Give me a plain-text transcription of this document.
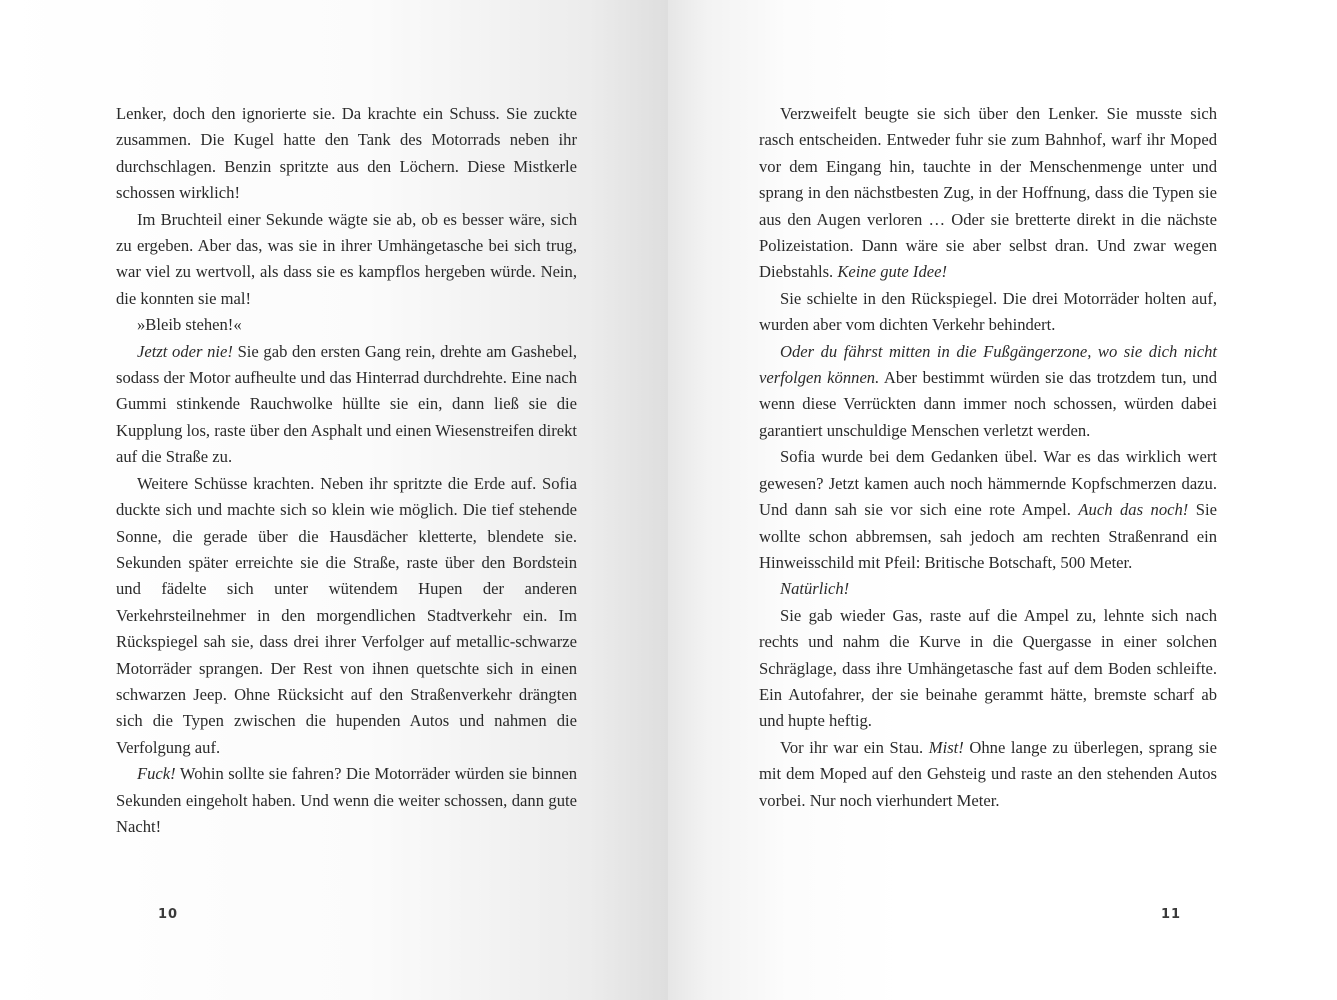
Lenker, doch den ignorierte sie. Da krachte ein Schuss. Sie zuckte zusammen. Die Kugel hatte den Tank des Motorrads neben ihr durchschlagen. Benzin spritzte aus den Löchern. Diese Mistkerle schossen wirklich!

Im Bruchteil einer Sekunde wägte sie ab, ob es besser wäre, sich zu ergeben. Aber das, was sie in ihrer Umhängetasche bei sich trug, war viel zu wertvoll, als dass sie es kampflos hergeben würde. Nein, die konnten sie mal!

»Bleib stehen!«

Jetzt oder nie! Sie gab den ersten Gang rein, drehte am Gashebel, sodass der Motor aufheulte und das Hinterrad durchdrehte. Eine nach Gummi stinkende Rauchwolke hüllte sie ein, dann ließ sie die Kupplung los, raste über den Asphalt und einen Wiesenstreifen direkt auf die Straße zu.

Weitere Schüsse krachten. Neben ihr spritzte die Erde auf. Sofia duckte sich und machte sich so klein wie möglich. Die tief stehende Sonne, die gerade über die Hausdächer kletterte, blendete sie. Sekunden später erreichte sie die Straße, raste über den Bordstein und fädelte sich unter wütendem Hupen der anderen Verkehrsteilnehmer in den morgendlichen Stadtverkehr ein. Im Rückspiegel sah sie, dass drei ihrer Verfolger auf metallic-schwarze Motorräder sprangen. Der Rest von ihnen quetschte sich in einen schwarzen Jeep. Ohne Rücksicht auf den Straßenverkehr drängten sich die Typen zwischen die hupenden Autos und nahmen die Verfolgung auf.

Fuck! Wohin sollte sie fahren? Die Motorräder würden sie binnen Sekunden eingeholt haben. Und wenn die weiter schossen, dann gute Nacht!

10

Verzweifelt beugte sie sich über den Lenker. Sie musste sich rasch entscheiden. Entweder fuhr sie zum Bahnhof, warf ihr Moped vor dem Eingang hin, tauchte in der Menschenmenge unter und sprang in den nächstbesten Zug, in der Hoffnung, dass die Typen sie aus den Augen verloren … Oder sie bretterte direkt in die nächste Polizeistation. Dann wäre sie aber selbst dran. Und zwar wegen Diebstahls. Keine gute Idee!

Sie schielte in den Rückspiegel. Die drei Motorräder holten auf, wurden aber vom dichten Verkehr behindert.

Oder du fährst mitten in die Fußgängerzone, wo sie dich nicht verfolgen können. Aber bestimmt würden sie das trotzdem tun, und wenn diese Verrückten dann immer noch schossen, würden dabei garantiert unschuldige Menschen verletzt werden.

Sofia wurde bei dem Gedanken übel. War es das wirklich wert gewesen? Jetzt kamen auch noch hämmernde Kopfschmerzen dazu. Und dann sah sie vor sich eine rote Ampel. Auch das noch! Sie wollte schon abbremsen, sah jedoch am rechten Straßenrand ein Hinweisschild mit Pfeil: Britische Botschaft, 500 Meter.

Natürlich!

Sie gab wieder Gas, raste auf die Ampel zu, lehnte sich nach rechts und nahm die Kurve in die Quergasse in einer solchen Schräglage, dass ihre Umhängetasche fast auf dem Boden schleifte. Ein Autofahrer, der sie beinahe gerammt hätte, bremste scharf ab und hupte heftig.

Vor ihr war ein Stau. Mist! Ohne lange zu überlegen, sprang sie mit dem Moped auf den Gehsteig und raste an den stehenden Autos vorbei. Nur noch vierhundert Meter.

11
